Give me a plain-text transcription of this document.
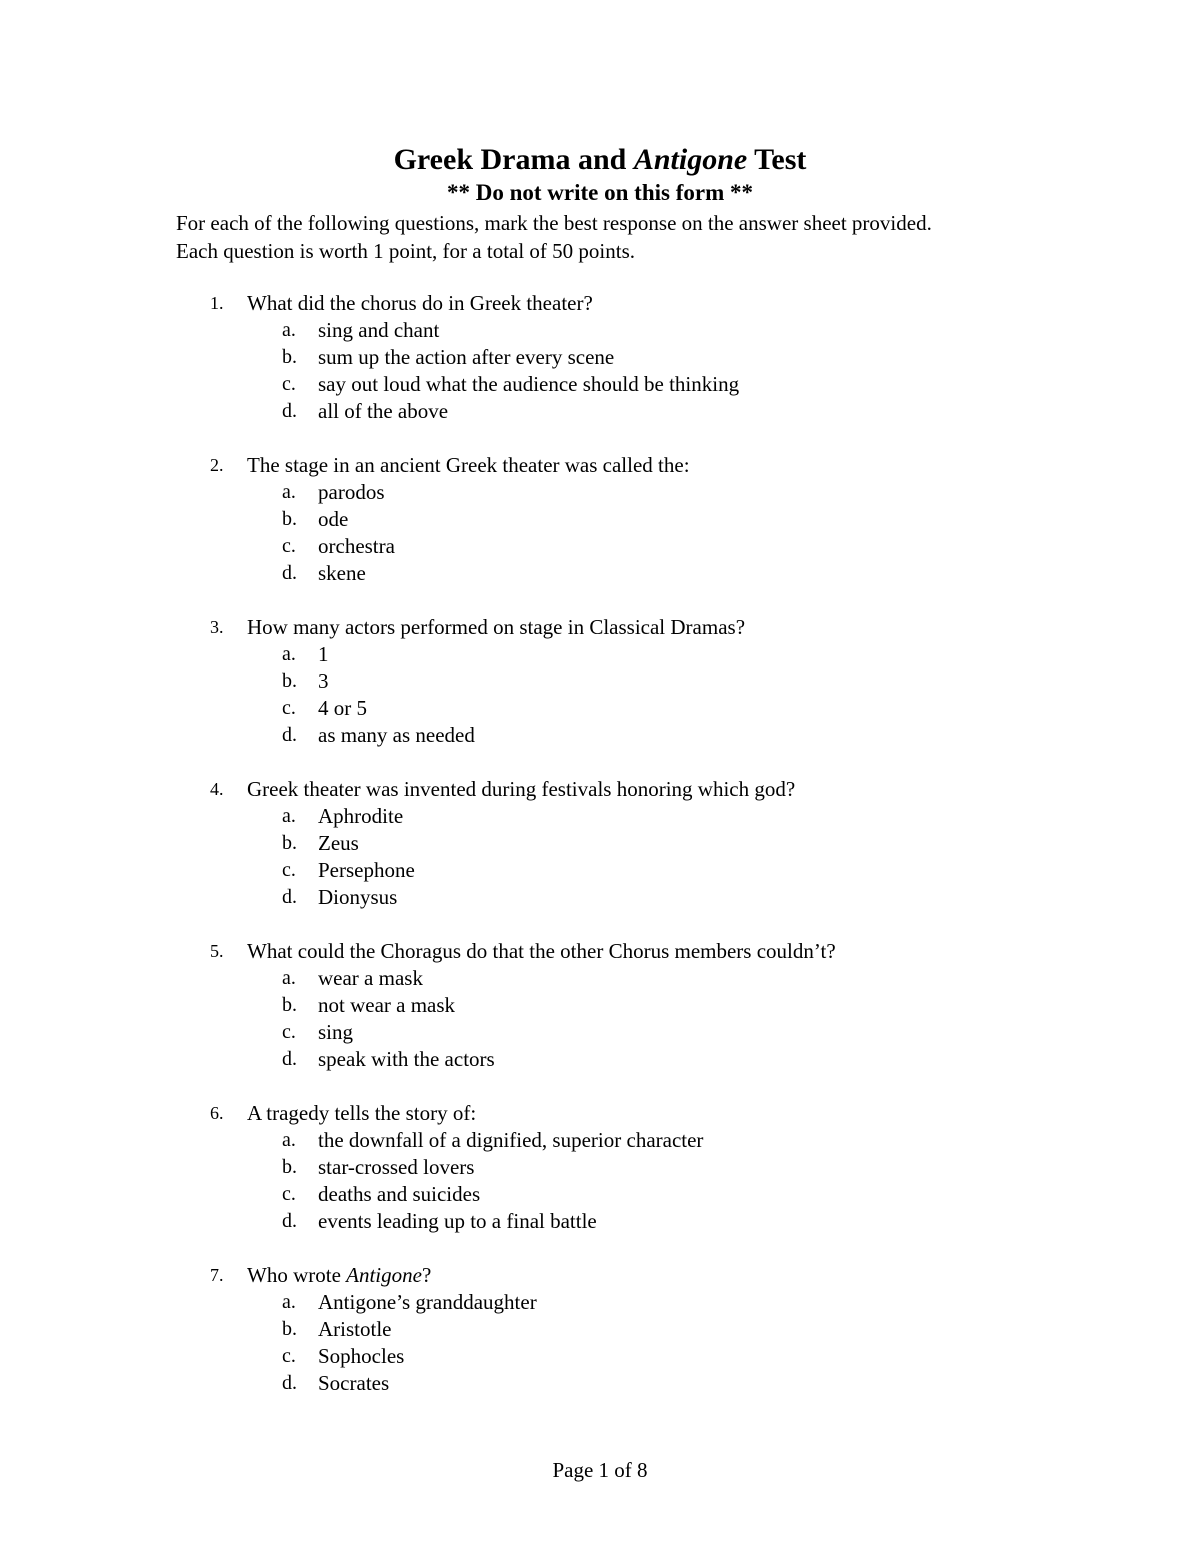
Greek Drama and Antigone Test
** Do not write on this form **
For each of the following questions, mark the best response on the answer sheet provided.
Each question is worth 1 point, for a total of 50 points.
1. What did the chorus do in Greek theater?
a. sing and chant
b. sum up the action after every scene
c. say out loud what the audience should be thinking
d. all of the above
2. The stage in an ancient Greek theater was called the:
a. parodos
b. ode
c. orchestra
d. skene
3. How many actors performed on stage in Classical Dramas?
a. 1
b. 3
c. 4 or 5
d. as many as needed
4. Greek theater was invented during festivals honoring which god?
a. Aphrodite
b. Zeus
c. Persephone
d. Dionysus
5. What could the Choragus do that the other Chorus members couldn’t?
a. wear a mask
b. not wear a mask
c. sing
d. speak with the actors
6. A tragedy tells the story of:
a. the downfall of a dignified, superior character
b. star-crossed lovers
c. deaths and suicides
d. events leading up to a final battle
7. Who wrote Antigone?
a. Antigone’s granddaughter
b. Aristotle
c. Sophocles
d. Socrates
Page 1 of 8
